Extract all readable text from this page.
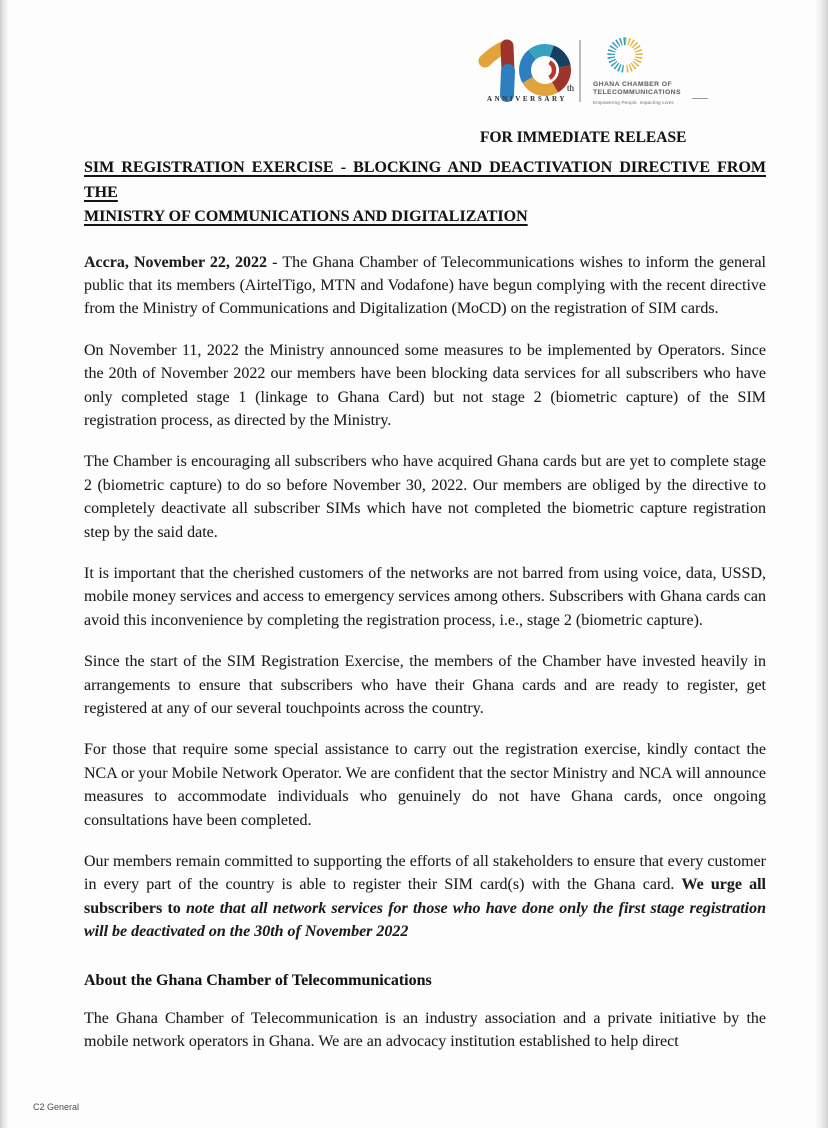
th
ANNIVERSARY
GHANA CHAMBER OF
TELECOMMUNICATIONS
Empowering People. Impacting Lives
FOR IMMEDIATE RELEASE
SIM REGISTRATION EXERCISE - BLOCKING AND DEACTIVATION DIRECTIVE FROM THE
MINISTRY OF COMMUNICATIONS AND DIGITALIZATION

Accra, November 22, 2022 - The Ghana Chamber of Telecommunications wishes to inform the general public that its members (AirtelTigo, MTN and Vodafone) have begun complying with the recent directive from the Ministry of Communications and Digitalization (MoCD) on the registration of SIM cards.

On November 11, 2022 the Ministry announced some measures to be implemented by Operators. Since the 20th of November 2022 our members have been blocking data services for all subscribers who have only completed stage 1 (linkage to Ghana Card) but not stage 2 (biometric capture) of the SIM registration process, as directed by the Ministry.

The Chamber is encouraging all subscribers who have acquired Ghana cards but are yet to complete stage 2 (biometric capture) to do so before November 30, 2022. Our members are obliged by the directive to completely deactivate all subscriber SIMs which have not completed the biometric capture registration step by the said date.

It is important that the cherished customers of the networks are not barred from using voice, data, USSD, mobile money services and access to emergency services among others. Subscribers with Ghana cards can avoid this inconvenience by completing the registration process, i.e., stage 2 (biometric capture).

Since the start of the SIM Registration Exercise, the members of the Chamber have invested heavily in arrangements to ensure that subscribers who have their Ghana cards and are ready to register, get registered at any of our several touchpoints across the country.

For those that require some special assistance to carry out the registration exercise, kindly contact the NCA or your Mobile Network Operator. We are confident that the sector Ministry and NCA will announce measures to accommodate individuals who genuinely do not have Ghana cards, once ongoing consultations have been completed.

Our members remain committed to supporting the efforts of all stakeholders to ensure that every customer in every part of the country is able to register their SIM card(s) with the Ghana card. We urge all subscribers to note that all network services for those who have done only the first stage registration will be deactivated on the 30th of November 2022

About the Ghana Chamber of Telecommunications

The Ghana Chamber of Telecommunication is an industry association and a private initiative by the mobile network operators in Ghana. We are an advocacy institution established to help direct

C2 General
